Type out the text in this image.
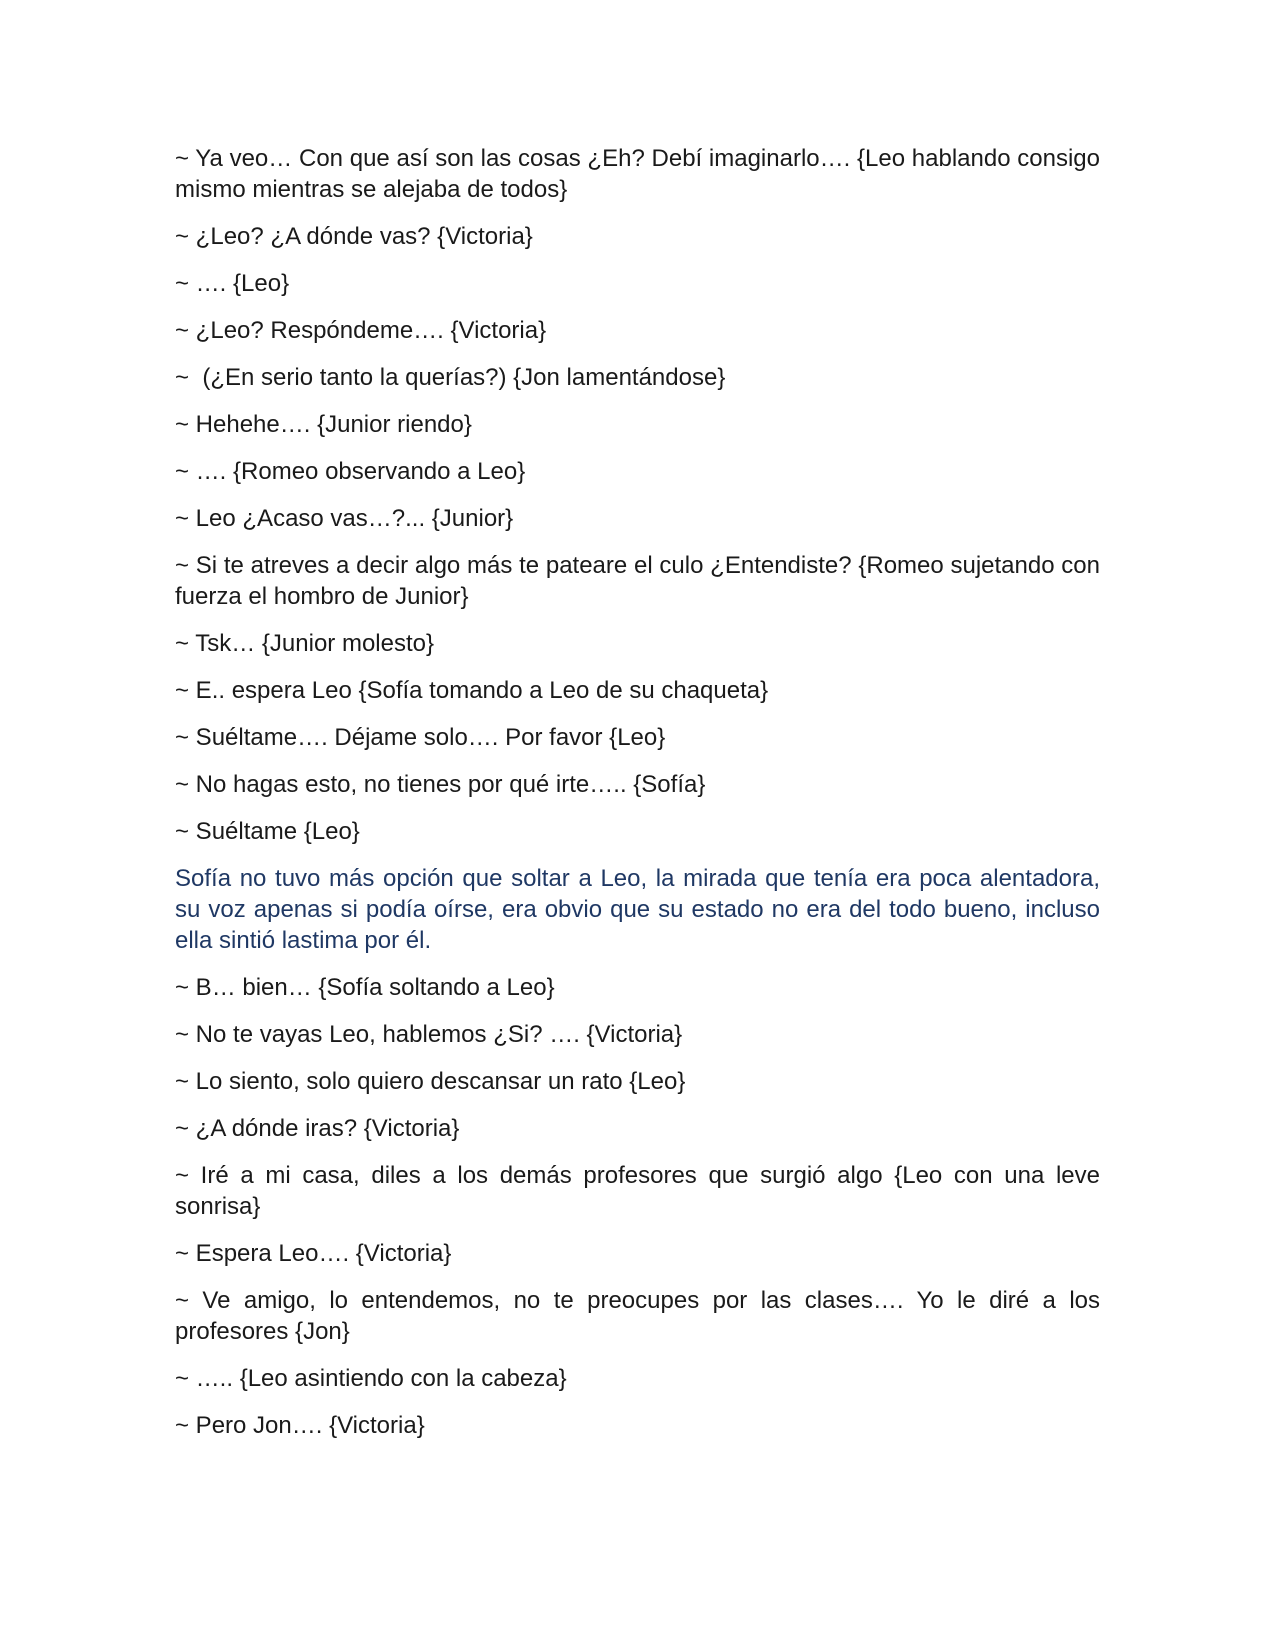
~ Ya veo… Con que así son las cosas ¿Eh? Debí imaginarlo…. {Leo hablando consigo mismo mientras se alejaba de todos}

~ ¿Leo? ¿A dónde vas? {Victoria}

~ …. {Leo}

~ ¿Leo? Respóndeme…. {Victoria}

~  (¿En serio tanto la querías?) {Jon lamentándose}

~ Hehehe…. {Junior riendo}

~ …. {Romeo observando a Leo}

~ Leo ¿Acaso vas…?... {Junior}

~ Si te atreves a decir algo más te pateare el culo ¿Entendiste? {Romeo sujetando con fuerza el hombro de Junior}

~ Tsk… {Junior molesto}

~ E.. espera Leo {Sofía tomando a Leo de su chaqueta}

~ Suéltame…. Déjame solo…. Por favor {Leo}

~ No hagas esto, no tienes por qué irte….. {Sofía}

~ Suéltame {Leo}

Sofía no tuvo más opción que soltar a Leo, la mirada que tenía era poca alentadora, su voz apenas si podía oírse, era obvio que su estado no era del todo bueno, incluso ella sintió lastima por él.

~ B… bien… {Sofía soltando a Leo}

~ No te vayas Leo, hablemos ¿Si? …. {Victoria}

~ Lo siento, solo quiero descansar un rato {Leo}

~ ¿A dónde iras? {Victoria}

~ Iré a mi casa, diles a los demás profesores que surgió algo {Leo con una leve sonrisa}

~ Espera Leo…. {Victoria}

~ Ve amigo, lo entendemos, no te preocupes por las clases…. Yo le diré a los profesores {Jon}

~ ….. {Leo asintiendo con la cabeza}

~ Pero Jon…. {Victoria}
